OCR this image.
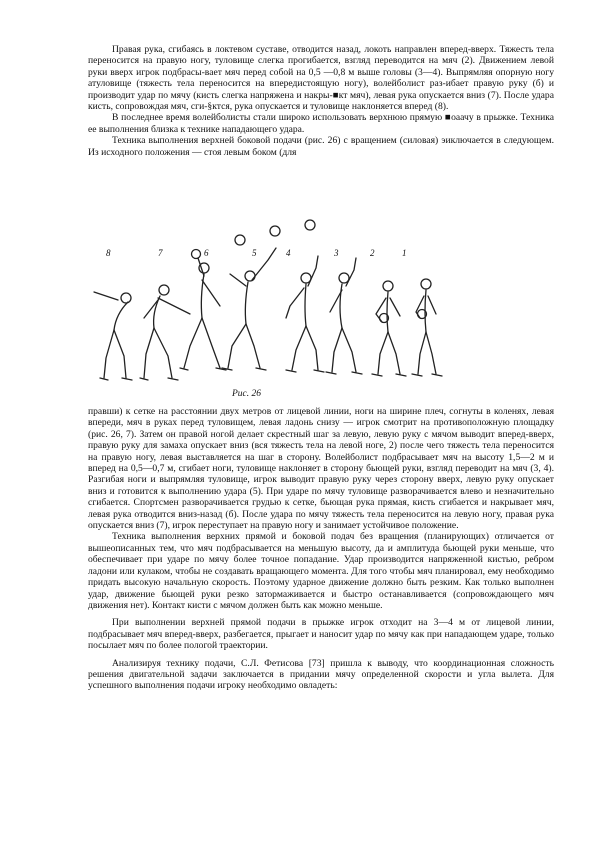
Правая рука, сгибаясь в локтевом суставе, отводится назад, локоть направлен вперед-вверх. Тяжесть тела переносится на правую ногу, туловище слегка прогибается, взгляд переводится на мяч (2). Движением левой руки вверх игрок подбрасы-вает мяч перед собой на 0,5 —0,8 м выше головы (3—4). Выпрямляя опорную ногу атуловище (тяжесть тела переносится на впередистоящую ногу), волейболист раз-ибает правую руку (б) и производит удар по мячу (кисть слегка напряжена и накры-■кт мяч), левая рука опускается вниз (7). После удара кисть, сопровождая мяч, сги-§ктся, рука опускается и туловище наклоняется вперед (8).

В последнее время волейболисты стали широко использовать верхнюю прямую ■оаачу в прыжке. Техника ее выполнения близка к технике нападающего удара.

Техника выполнения верхней боковой подачи (рис. 26) с вращением (силовая) эиключается в следующем. Из исходного положения — стоя левым боком (для

8	7	6	5	4	3	2	1
Рис. 26

правши) к сетке на расстоянии двух метров от лицевой линии, ноги на ширине плеч, согнуты в коленях, левая впереди, мяч в руках перед туловищем, левая ладонь снизу — игрок смотрит на противоположную площадку (рис. 26, 7). Затем он правой ногой делает скрестный шаг за левую, левую руку с мячом выводит вперед-вверх, правую руку для замаха опускает вниз (вся тяжесть тела на левой ноге, 2) после чего тяжесть тела переносится на правую ногу, левая выставляется на шаг в сторону. Волейболист подбрасывает мяч на высоту 1,5—2 м и вперед на 0,5—0,7 м, сгибает ноги, туловище наклоняет в сторону бьющей руки, взгляд переводит на мяч (3, 4). Разгибая ноги и выпрямляя туловище, игрок выводит правую руку через сторону вверх, левую руку опускает вниз и готовится к выполнению удара (5). При ударе по мячу туловище разворачивается влево и незначительно сгибается. Спортсмен разворачивается грудью к сетке, бьющая рука прямая, кисть сгибается и накрывает мяч, левая рука отводится вниз-назад (б). После удара по мячу тяжесть тела переносится на левую ногу, правая рука опускается вниз (7), игрок переступает на правую ногу и занимает устойчивое положение.

Техника выполнения верхних прямой и боковой подач без вращения (планирующих) отличается от вышеописанных тем, что мяч подбрасывается на меньшую высоту, да и амплитуда бьющей руки меньше, что обеспечивает при ударе по мячу более точное попадание. Удар производится напряженной кистью, ребром ладони или кулаком, чтобы не создавать вращающего момента. Для того чтобы мяч планировал, ему необходимо придать высокую начальную скорость. Поэтому ударное движение должно быть резким. Как только выполнен удар, движение бьющей руки резко затормаживается и быстро останавливается (сопровождающего мяч движения нет). Контакт кисти с мячом должен быть как можно меньше.

При выполнении верхней прямой подачи в прыжке игрок отходит на 3—4 м от лицевой линии, подбрасывает мяч вперед-вверх, разбегается, прыгает и наносит удар по мячу как при нападающем ударе, только посылает мяч по более пологой траектории.

Анализируя технику подачи, С.Л. Фетисова [73] пришла к выводу, что координационная сложность решения двигательной задачи заключается в придании мячу определенной скорости и угла вылета. Для успешного выполнения подачи игроку необходимо овладеть:
